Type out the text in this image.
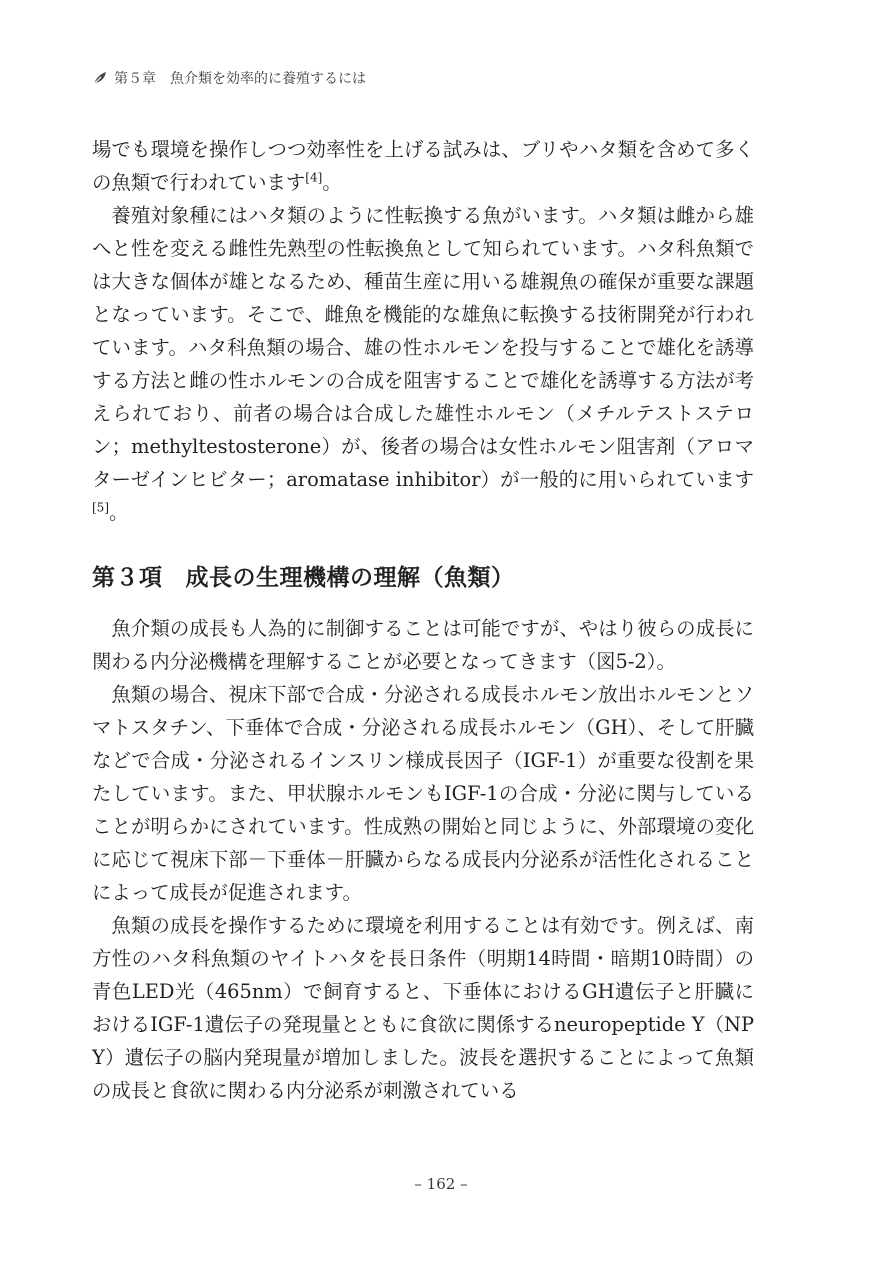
第５章 魚介類を効率的に養殖するには

場でも環境を操作しつつ効率性を上げる試みは、ブリやハタ類を含めて多くの魚類で行われています[4]。

養殖対象種にはハタ類のように性転換する魚がいます。ハタ類は雌から雄へと性を変える雌性先熟型の性転換魚として知られています。ハタ科魚類では大きな個体が雄となるため、種苗生産に用いる雄親魚の確保が重要な課題となっています。そこで、雌魚を機能的な雄魚に転換する技術開発が行われています。ハタ科魚類の場合、雄の性ホルモンを投与することで雄化を誘導する方法と雌の性ホルモンの合成を阻害することで雄化を誘導する方法が考えられており、前者の場合は合成した雄性ホルモン（メチルテストステロン；methyltestosterone）が、後者の場合は女性ホルモン阻害剤（アロマターゼインヒビター；aromatase inhibitor）が一般的に用いられています[5]。

第３項 成長の生理機構の理解（魚類）

魚介類の成長も人為的に制御することは可能ですが、やはり彼らの成長に関わる内分泌機構を理解することが必要となってきます（図5-2）。

魚類の場合、視床下部で合成・分泌される成長ホルモン放出ホルモンとソマトスタチン、下垂体で合成・分泌される成長ホルモン（GH）、そして肝臓などで合成・分泌されるインスリン様成長因子（IGF-1）が重要な役割を果たしています。また、甲状腺ホルモンもIGF-1の合成・分泌に関与していることが明らかにされています。性成熟の開始と同じように、外部環境の変化に応じて視床下部－下垂体－肝臓からなる成長内分泌系が活性化されることによって成長が促進されます。

魚類の成長を操作するために環境を利用することは有効です。例えば、南方性のハタ科魚類のヤイトハタを長日条件（明期14時間・暗期10時間）の青色LED光（465nm）で飼育すると、下垂体におけるGH遺伝子と肝臓におけるIGF-1遺伝子の発現量とともに食欲に関係するneuropeptide Y（NPY）遺伝子の脳内発現量が増加しました。波長を選択することによって魚類の成長と食欲に関わる内分泌系が刺激されている

– 162 –
